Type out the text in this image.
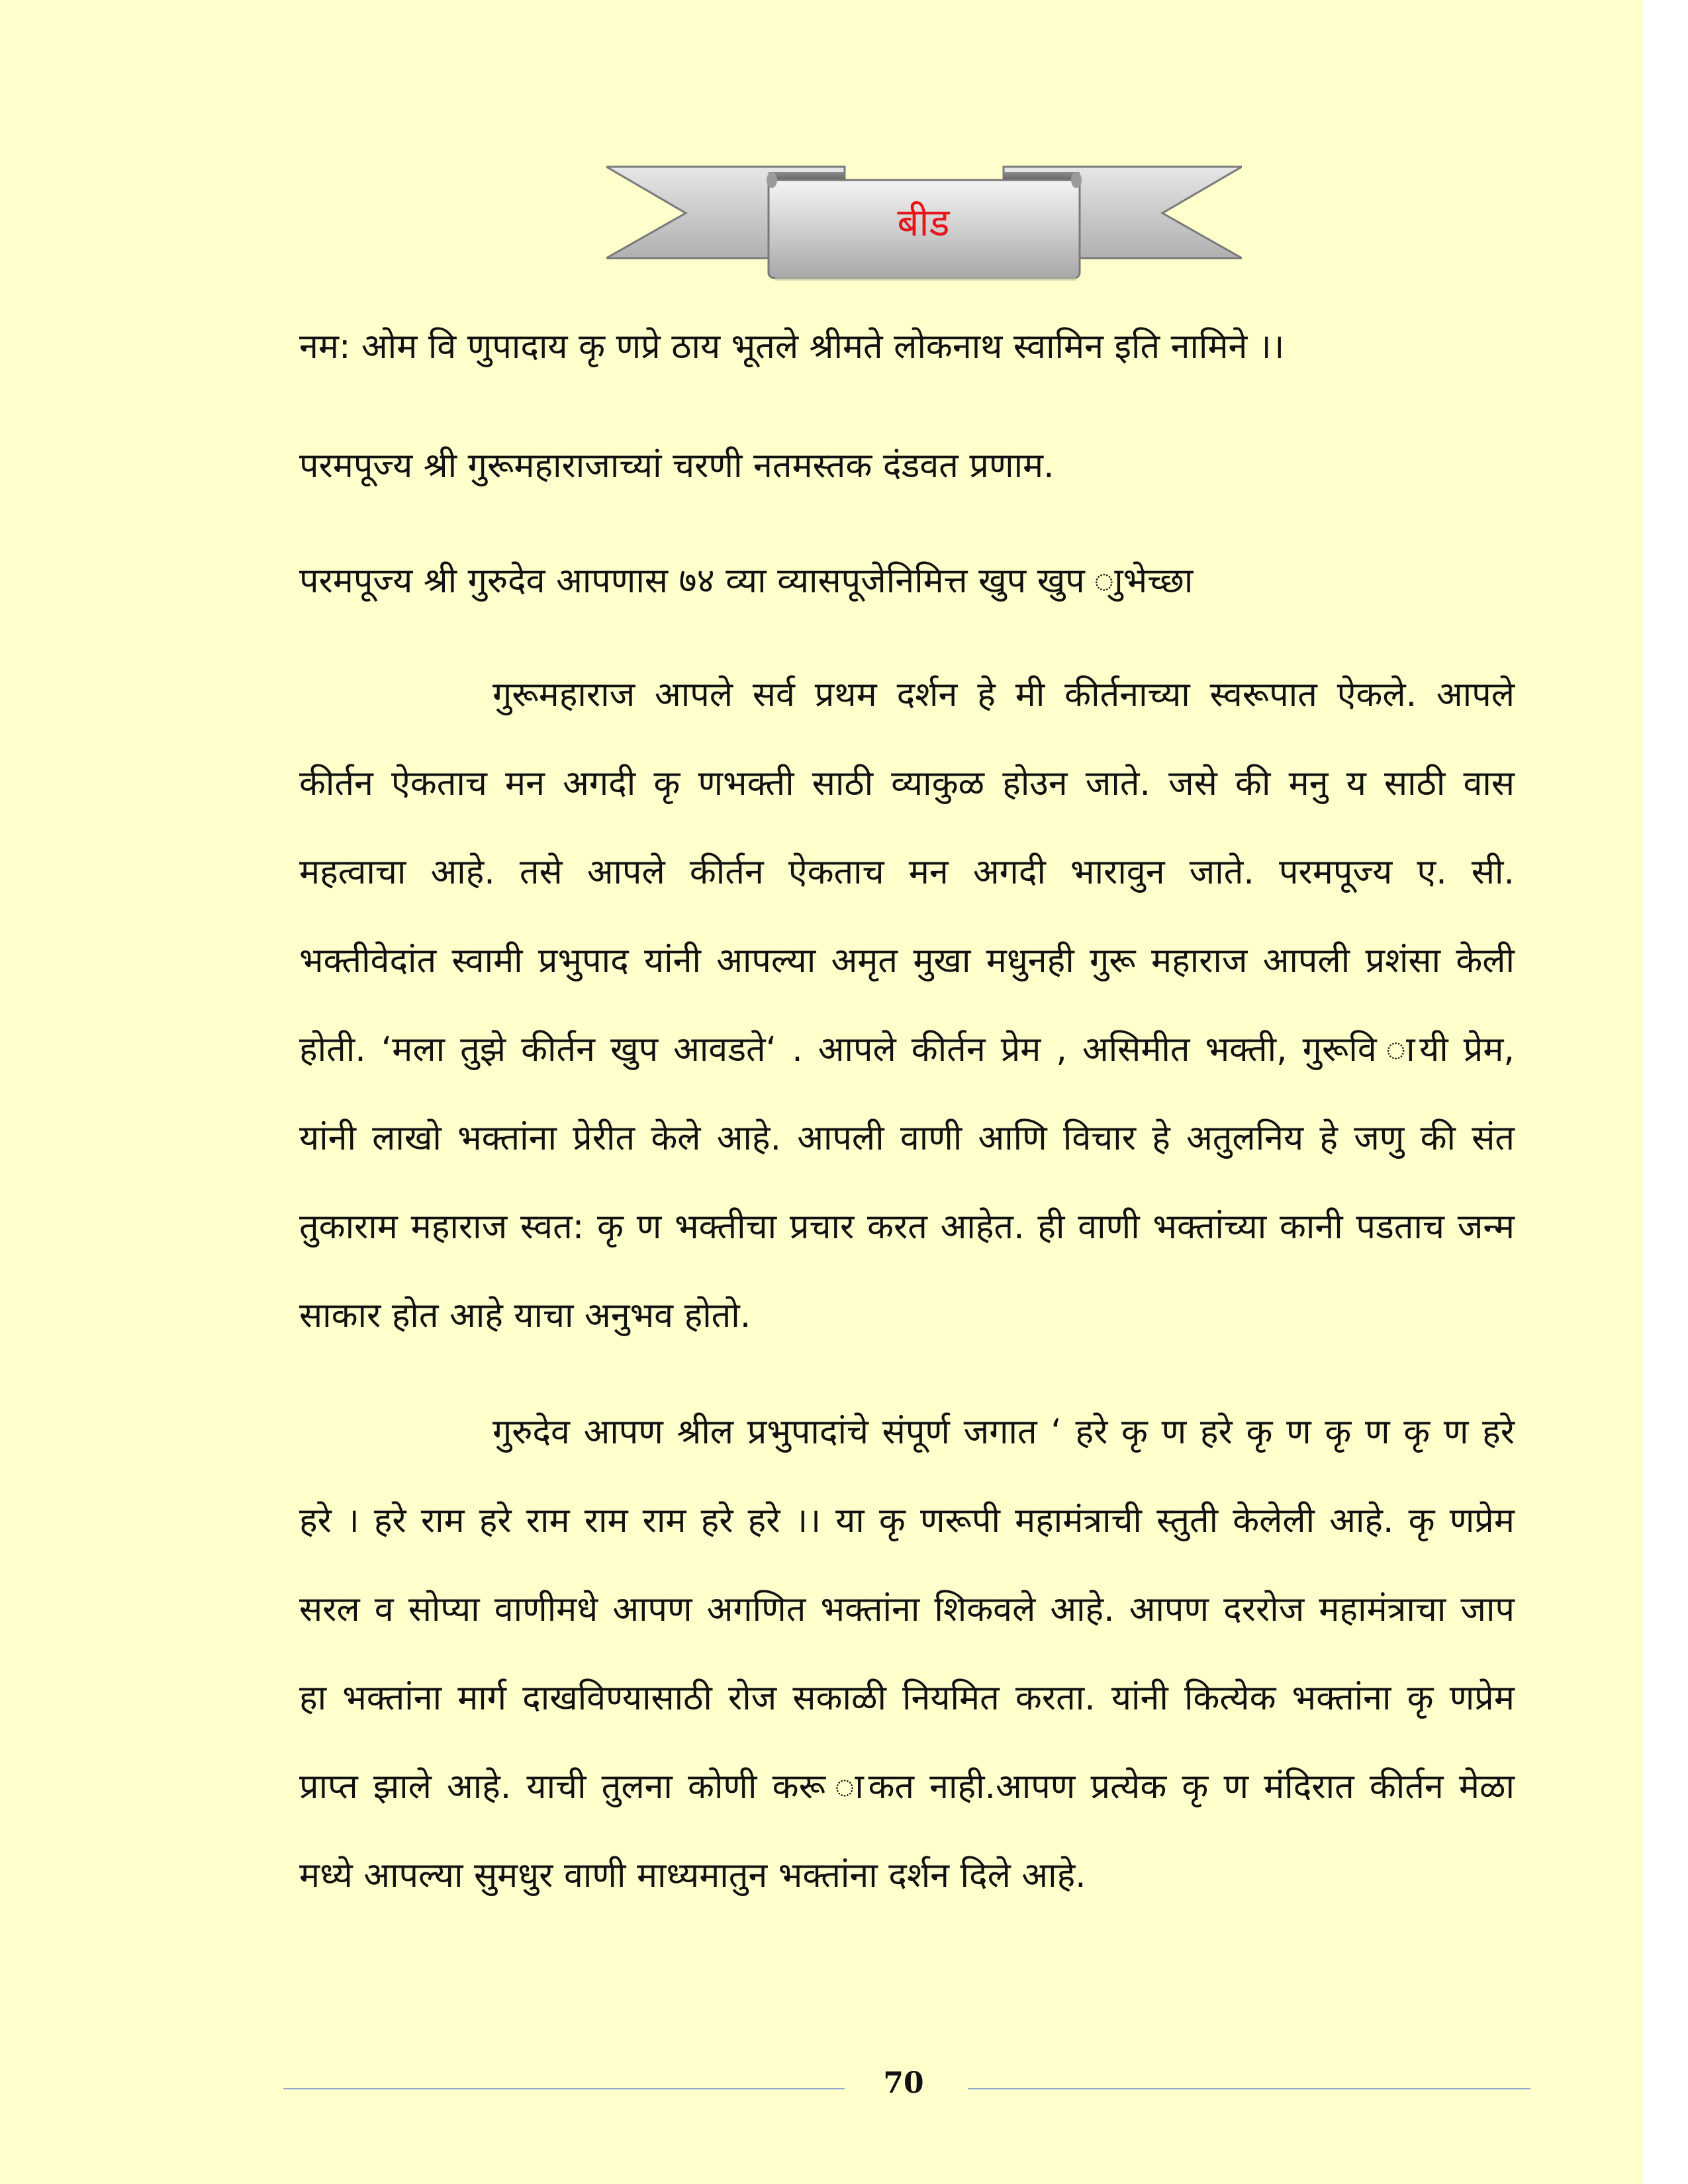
बीड
नम: ओम वि णुपादाय कृ णप्रे ठाय भूतले श्रीमते लोकनाथ स्वामिन इति नामिने ।।
परमपूज्य श्री गुरूमहाराजाच्यां चरणी नतमस्तक दंडवत प्रणाम.
परमपूज्य श्री गुरुदेव आपणास ७४ व्या व्यासपूजेनिमित्त खुप खुप ाुभेच्छा
गुरूमहाराज आपले सर्व प्रथम दर्शन हे मी कीर्तनाच्या स्वरूपात ऐकले. आपले
कीर्तन ऐकताच मन अगदी कृ णभक्ती साठी व्याकुळ होउन जाते. जसे की मनु य साठी वास
महत्वाचा आहे. तसे आपले कीर्तन ऐकताच मन अगदी भारावुन जाते. परमपूज्य ए. सी.
भक्तीवेदांत स्वामी प्रभुपाद यांनी आपल्या अमृत मुखा मधुनही गुरू महाराज आपली प्रशंसा केली
होती. ‘मला तुझे कीर्तन खुप आवडते‘ . आपले कीर्तन प्रेम , असिमीत भक्ती, गुरूवि ायी प्रेम,
यांनी लाखो भक्तांना प्रेरीत केले आहे. आपली वाणी आणि विचार हे अतुलनिय हे जणु की संत
तुकाराम महाराज स्वत: कृ ण भक्तीचा प्रचार करत आहेत. ही वाणी भक्तांच्या कानी पडताच जन्म
साकार होत आहे याचा अनुभव होतो.
गुरुदेव आपण श्रील प्रभुपादांचे संपूर्ण जगात ‘ हरे कृ ण हरे कृ ण कृ ण कृ ण हरे
हरे । हरे राम हरे राम राम राम हरे हरे ।। या कृ णरूपी महामंत्राची स्तुती केलेली आहे. कृ णप्रेम
सरल व सोप्या वाणीमधे आपण अगणित भक्तांना शिकवले आहे. आपण दररोज महामंत्राचा जाप
हा भक्तांना मार्ग दाखविण्यासाठी रोज सकाळी नियमित करता. यांनी कित्येक भक्तांना कृ णप्रेम
प्राप्त झाले आहे. याची तुलना कोणी करू ाकत नाही.आपण प्रत्येक कृ ण मंदिरात कीर्तन मेळा
मध्ये आपल्या सुमधुर वाणी माध्यमातुन भक्तांना दर्शन दिले आहे.
70
